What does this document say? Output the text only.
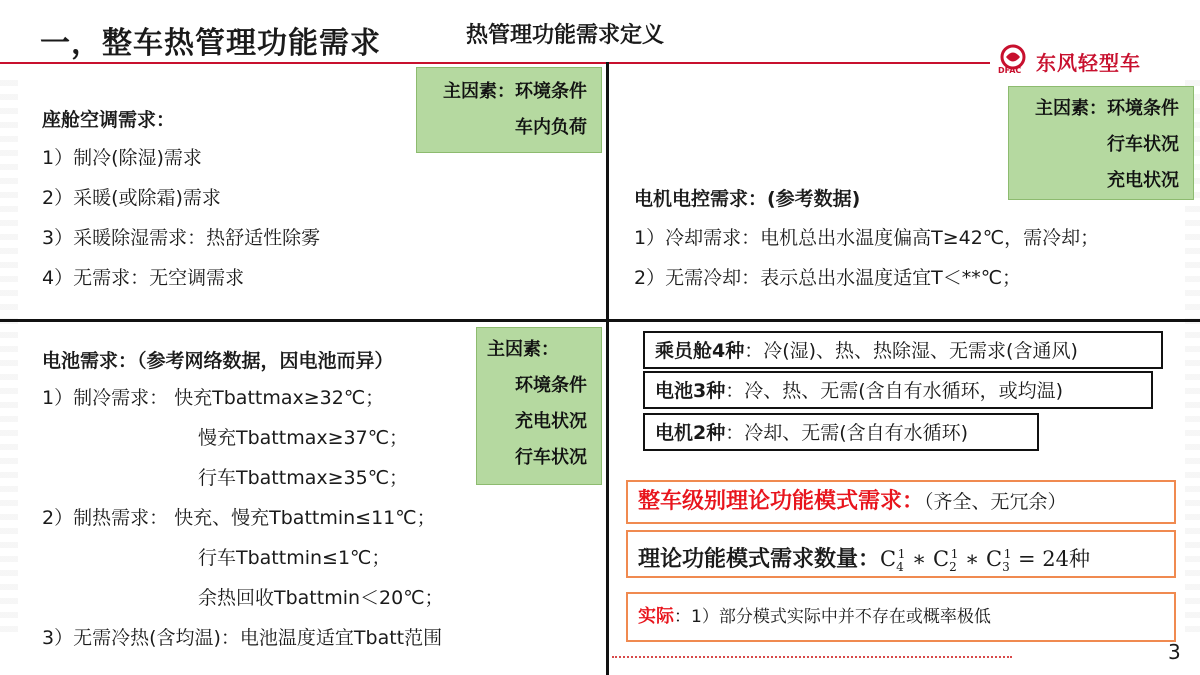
一，整车热管理功能需求	热管理功能需求定义
DFAC 东风轻型车
主因素：环境条件
车内负荷
座舱空调需求：
1）制冷(除湿)需求
2）采暖(或除霜)需求
3）采暖除湿需求：热舒适性除雾
4）无需求：无空调需求
主因素：环境条件
行车状况
充电状况
电机电控需求：(参考数据)
1）冷却需求：电机总出水温度偏高T≥42℃，需冷却；
2）无需冷却：表示总出水温度适宜T＜**℃；
主因素：
环境条件
充电状况
行车状况
电池需求：（参考网络数据，因电池而异）
1）制冷需求： 快充Tbattmax≥32℃；
慢充Tbattmax≥37℃；
行车Tbattmax≥35℃；
2）制热需求： 快充、慢充Tbattmin≤11℃；
行车Tbattmin≤1℃；
余热回收Tbattmin＜20℃；
3）无需冷热(含均温)：电池温度适宜Tbatt范围
乘员舱4种：冷(湿)、热、热除湿、无需求(含通风)
电池3种：冷、热、无需(含自有水循环，或均温)
电机2种：冷却、无需(含自有水循环)
整车级别理论功能模式需求：（齐全、无冗余）
理论功能模式需求数量：$C_4^1$ ∗ $C_2^1$ ∗ $C_3^1 = 24$种
实际：1）部分模式实际中并不存在或概率极低
3
